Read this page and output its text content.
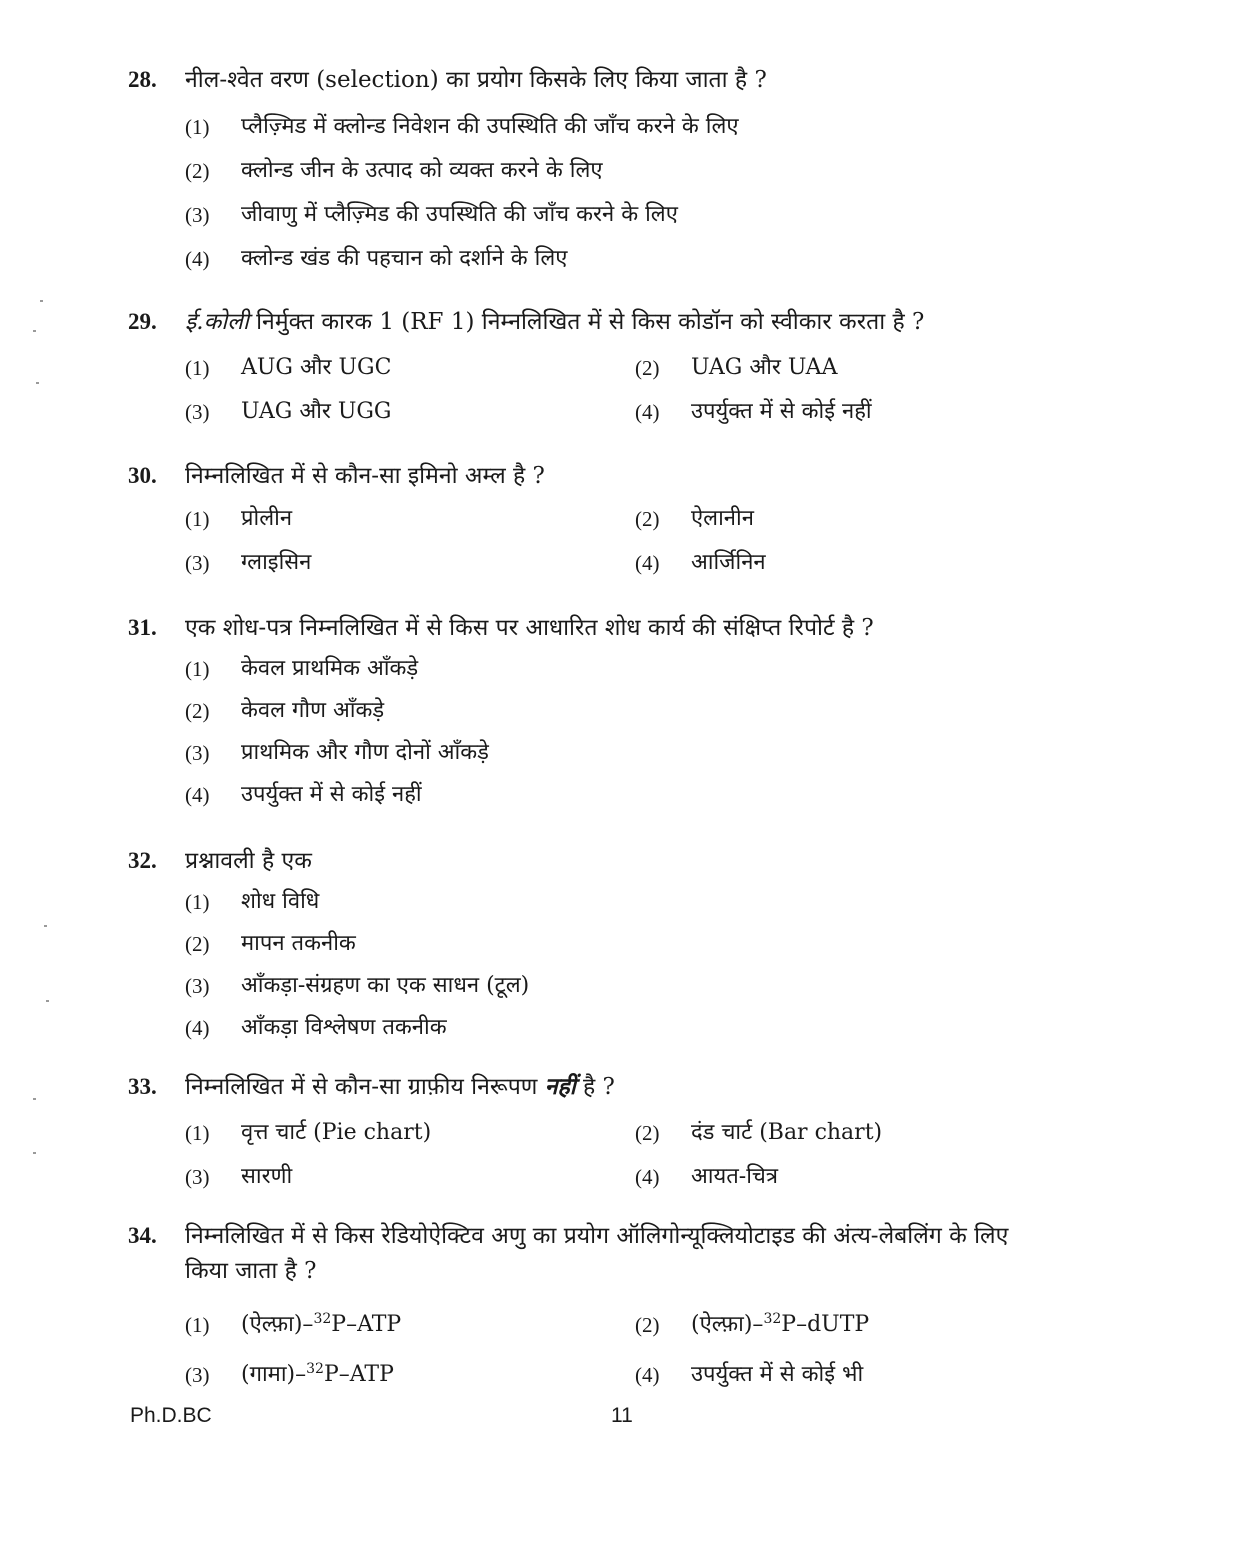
28.	नील-श्वेत वरण (selection) का प्रयोग किसके लिए किया जाता है ?
(1) प्लैज़्मिड में क्लोन्ड निवेशन की उपस्थिति की जाँच करने के लिए
(2) क्लोन्ड जीन के उत्पाद को व्यक्त करने के लिए
(3) जीवाणु में प्लैज़्मिड की उपस्थिति की जाँच करने के लिए
(4) क्लोन्ड खंड की पहचान को दर्शाने के लिए
29.	ई.कोली निर्मुक्त कारक 1 (RF 1) निम्नलिखित में से किस कोडॉन को स्वीकार करता है ?
(1) AUG और UGC	(2) UAG और UAA
(3) UAG और UGG	(4) उपर्युक्त में से कोई नहीं
30.	निम्नलिखित में से कौन-सा इमिनो अम्ल है ?
(1) प्रोलीन	(2) ऐलानीन
(3) ग्लाइसिन	(4) आर्जिनिन
31.	एक शोध-पत्र निम्नलिखित में से किस पर आधारित शोध कार्य की संक्षिप्त रिपोर्ट है ?
(1) केवल प्राथमिक आँकड़े
(2) केवल गौण आँकड़े
(3) प्राथमिक और गौण दोनों आँकड़े
(4) उपर्युक्त में से कोई नहीं
32.	प्रश्नावली है एक
(1) शोध विधि
(2) मापन तकनीक
(3) आँकड़ा-संग्रहण का एक साधन (टूल)
(4) आँकड़ा विश्लेषण तकनीक
33.	निम्नलिखित में से कौन-सा ग्राफ़ीय निरूपण नहीं है ?
(1) वृत्त चार्ट (Pie chart)	(2) दंड चार्ट (Bar chart)
(3) सारणी	(4) आयत-चित्र
34.	निम्नलिखित में से किस रेडियोऐक्टिव अणु का प्रयोग ऑलिगोन्यूक्लियोटाइड की अंत्य-लेबलिंग के लिए
किया जाता है ?
(1) (ऐल्फ़ा)–$^{32}$P–ATP	(2) (ऐल्फ़ा)–$^{32}$P–dUTP
(3) (गामा)–$^{32}$P–ATP	(4) उपर्युक्त में से कोई भी
Ph.D.BC	11
